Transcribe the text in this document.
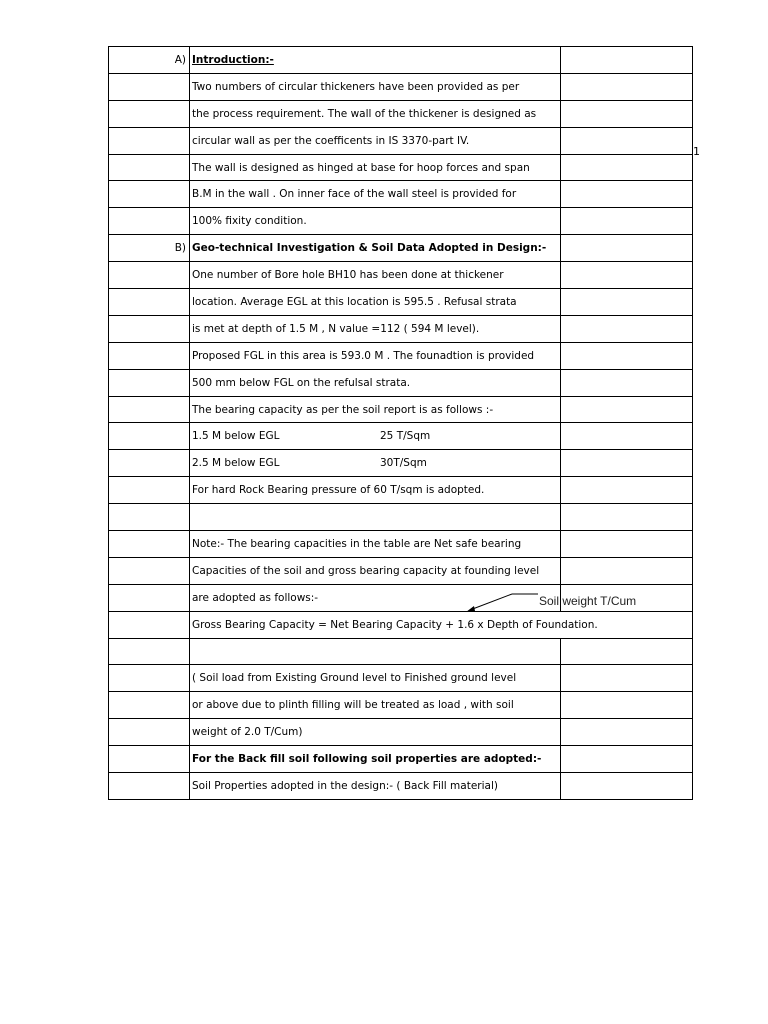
A)	Introduction:-	
	Two numbers of circular thickeners have been provided as per	
	the process requirement. The wall of the thickener is designed as	
	circular wall as per the coefficents in IS 3370-part IV.	
	The wall is designed as hinged at base for hoop forces and span	
	B.M in the wall . On inner face of the wall steel is provided for	
	100% fixity condition.	
B)	Geo-technical Investigation & Soil Data Adopted in Design:-	
	One number of Bore hole BH10 has been done at thickener	
	location. Average EGL at this location is 595.5 . Refusal strata	
	is met at depth of 1.5 M , N value =112 ( 594 M level).	
	Proposed FGL in this area is 593.0 M . The founadtion is provided	
	500 mm below FGL on the refulsal strata.	
	The bearing capacity as per the soil report is as follows :-	
	1.5 M below EGL 25 T/Sqm	
	2.5 M below EGL 30T/Sqm	
	For hard Rock Bearing pressure of 60 T/sqm is adopted.	

	Note:- The bearing capacities in the table are Net safe bearing	
	Capacities of the soil and gross bearing capacity at founding level	
	are adopted as follows:-	
	Gross Bearing Capacity = Net Bearing Capacity + 1.6 x Depth of Foundation.	

	( Soil load from Existing Ground level to Finished ground level	
	or above due to plinth filling will be treated as load , with soil	
	weight of 2.0 T/Cum)	
	For the Back fill soil following soil properties are adopted:-	
	Soil Properties adopted in the design:- ( Back Fill material)	
1
Soil weight T/Cum
